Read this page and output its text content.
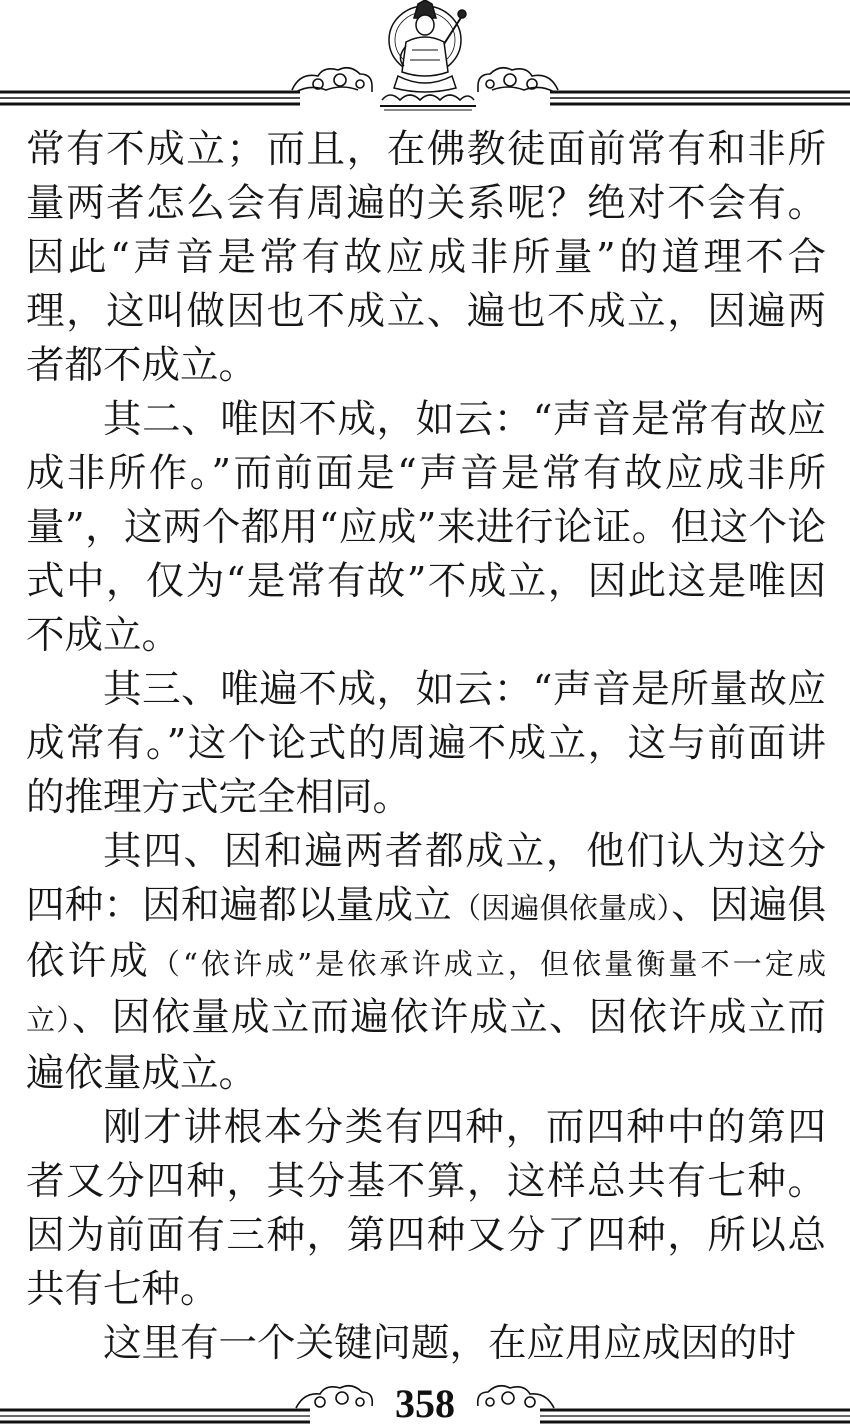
常有不成立；而且，在佛教徒面前常有和非所量两者怎么会有周遍的关系呢？绝对不会有。因此“声音是常有故应成非所量”的道理不合理，这叫做因也不成立、遍也不成立，因遍两者都不成立。

其二、唯因不成，如云：“声音是常有故应成非所作。”而前面是“声音是常有故应成非所量”，这两个都用“应成”来进行论证。但这个论式中，仅为“是常有故”不成立，因此这是唯因不成立。

其三、唯遍不成，如云：“声音是所量故应成常有。”这个论式的周遍不成立，这与前面讲的推理方式完全相同。

其四、因和遍两者都成立，他们认为这分四种：因和遍都以量成立（因遍俱依量成）、因遍俱依许成（“依许成”是依承许成立，但依量衡量不一定成立）、因依量成立而遍依许成立、因依许成立而遍依量成立。

刚才讲根本分类有四种，而四种中的第四者又分四种，其分基不算，这样总共有七种。因为前面有三种，第四种又分了四种，所以总共有七种。

这里有一个关键问题，在应用应成因的时

358
